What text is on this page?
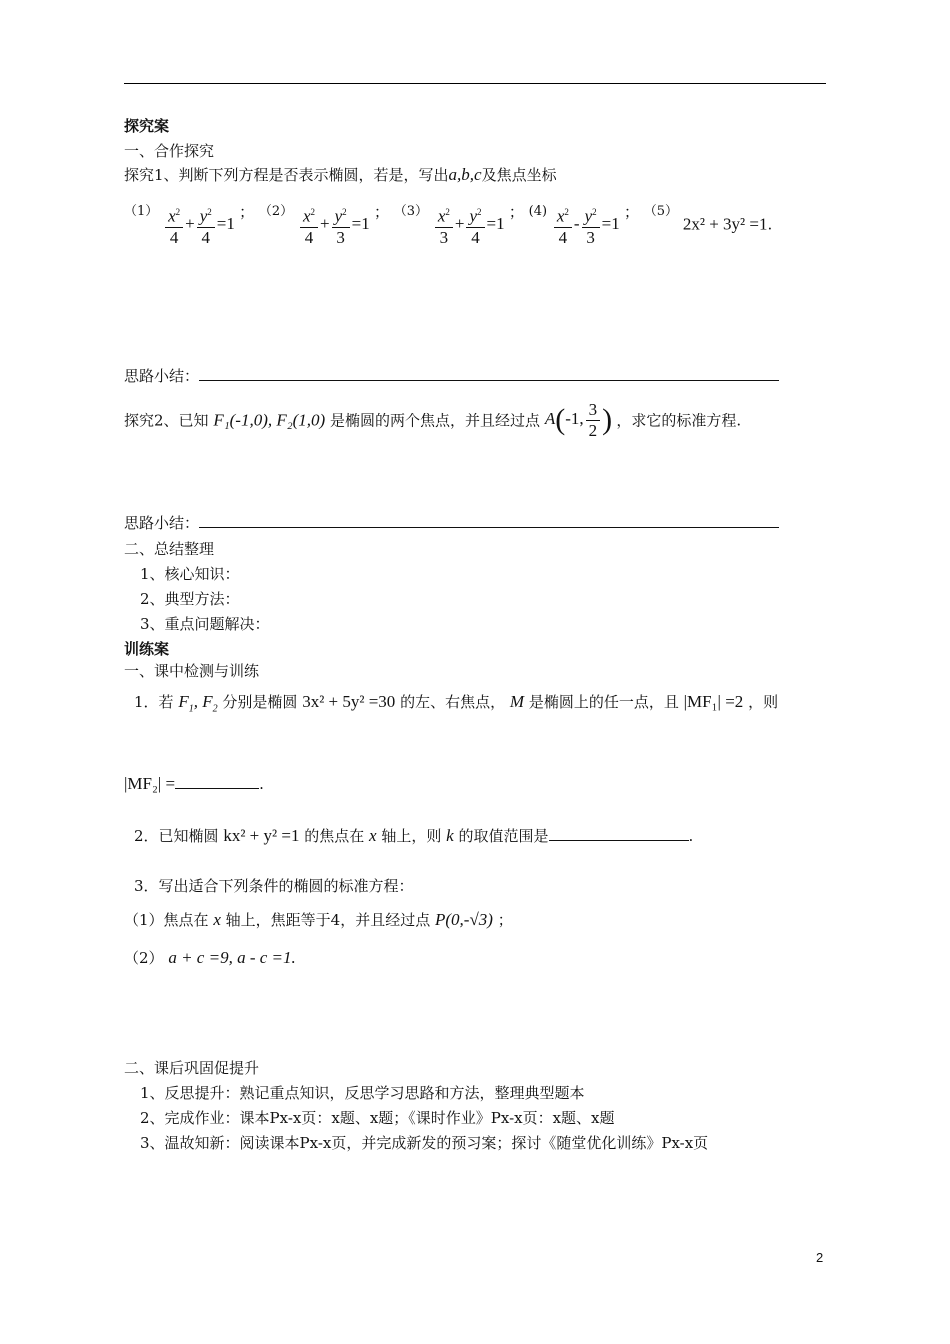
探究案
一、合作探究
探究1、判断下列方程是否表示椭圆，若是，写出a,b,c及焦点坐标
$(1) \frac{x^2}{4} + \frac{y^2}{4} =1$ ； $(2) \frac{x^2}{4} + \frac{y^2}{3} =1$ ； $(3) \frac{x^2}{3} + \frac{y^2}{4} =1$ ； $(4) \frac{x^2}{4} - \frac{y^2}{3} =1$ ； （5） 2x² + 3y² =1.
思路小结：
探究2、已知 F₁(-1,0), F₂(1,0) 是椭圆的两个焦点，并且经过点 A(-1, $\frac{3}{2}$ ) ，求它的标准方程.
思路小结：
二、总结整理
1、核心知识：
2、典型方法：
3、重点问题解决：
训练案
一、课中检测与训练
1．若 $F_1$, $F_2$ 分别是椭圆 3x² + 5y² =30 的左、右焦点， M 是椭圆上的任一点，且 |MF₁| =2 ，则
|MF₂| =	.
2．已知椭圆 kx² + y² =1 的焦点在 x 轴上，则 k 的取值范围是	.
3．写出适合下列条件的椭圆的标准方程：
（1）焦点在 x 轴上，焦距等于4，并且经过点 P(0,-√3) ；
（2） a + c =9, a - c =1.
二、课后巩固促提升
1、反思提升：熟记重点知识，反思学习思路和方法，整理典型题本
2、完成作业：课本Px-x页：x题、x题；《课时作业》Px-x页：x题、x题
3、温故知新：阅读课本Px-x页，并完成新发的预习案；探讨《随堂优化训练》Px-x页
2
